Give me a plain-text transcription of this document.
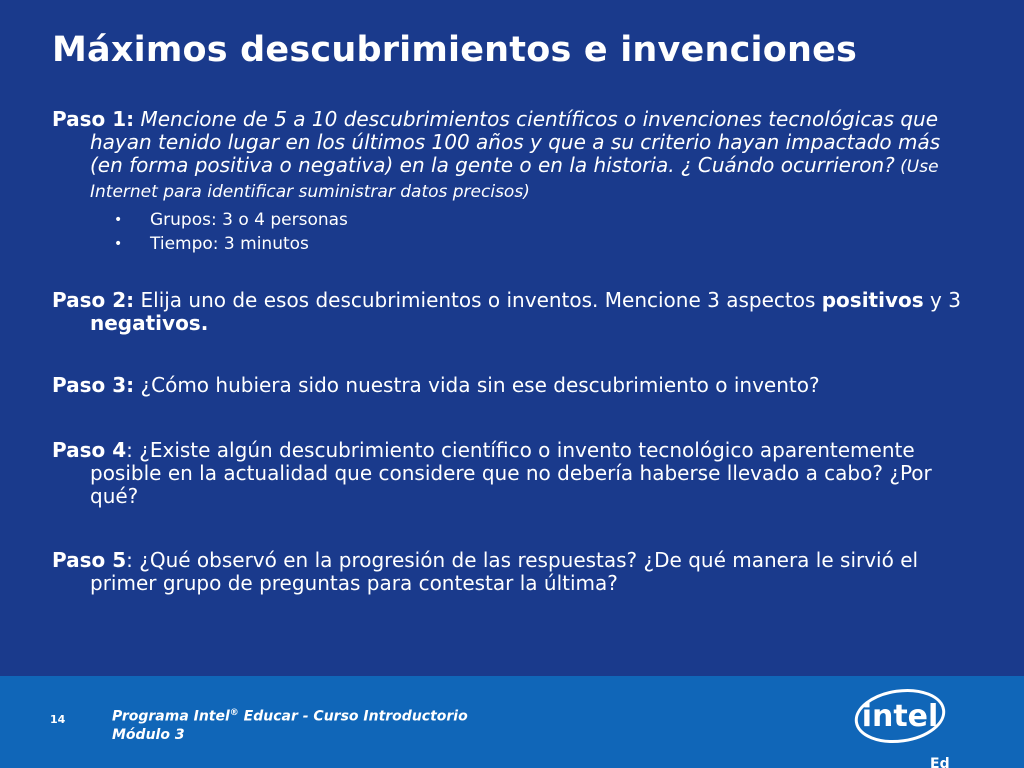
Máximos descubrimientos e invenciones

Paso 1: Mencione de 5 a 10 descubrimientos científicos o invenciones tecnológicas que hayan tenido lugar en los últimos 100 años y que a su criterio hayan impactado más (en forma positiva o negativa) en la gente o en la historia. ¿ Cuándo ocurrieron? (Use Internet para identificar suministrar datos precisos)

• Grupos: 3 o 4 personas
• Tiempo: 3 minutos

Paso 2: Elija uno de esos descubrimientos o inventos. Mencione 3 aspectos positivos y 3 negativos.

Paso 3: ¿Cómo hubiera sido nuestra vida sin ese descubrimiento o invento?

Paso 4: ¿Existe algún descubrimiento científico o invento tecnológico aparentemente posible en la actualidad que considere que no debería haberse llevado a cabo? ¿Por qué?

Paso 5: ¿Qué observó en la progresión de las respuestas? ¿De qué manera le sirvió el primer grupo de preguntas para contestar la última?

14	Programa Intel® Educar - Curso Introductorio
Módulo 3
intel
Ed
